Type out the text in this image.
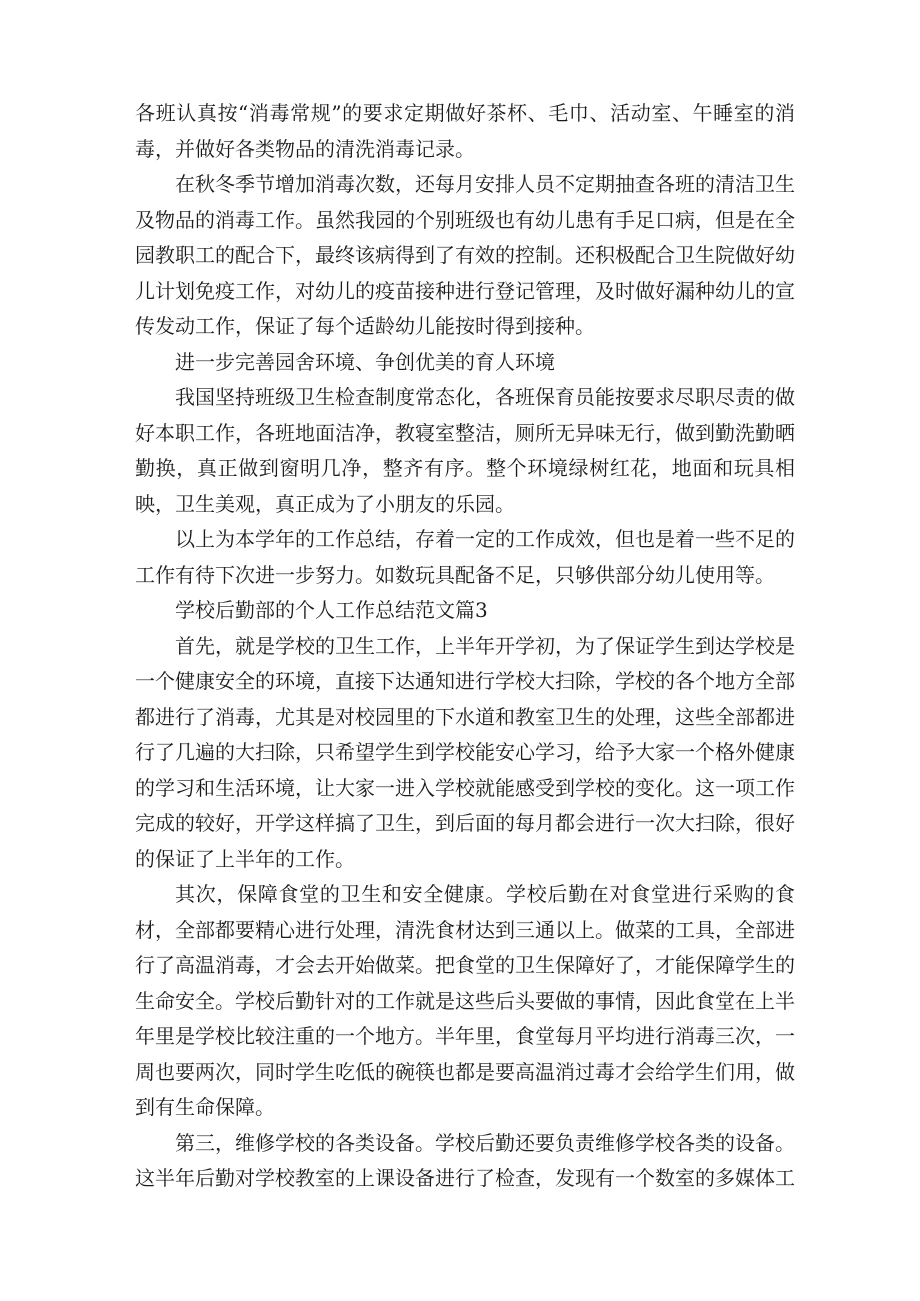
各班认真按“消毒常规”的要求定期做好茶杯、毛巾、活动室、午睡室的消毒，并做好各类物品的清洗消毒记录。

在秋冬季节增加消毒次数，还每月安排人员不定期抽查各班的清洁卫生及物品的消毒工作。虽然我园的个别班级也有幼儿患有手足口病，但是在全园教职工的配合下，最终该病得到了有效的控制。还积极配合卫生院做好幼儿计划免疫工作，对幼儿的疫苗接种进行登记管理，及时做好漏种幼儿的宣传发动工作，保证了每个适龄幼儿能按时得到接种。

进一步完善园舍环境、争创优美的育人环境

我国坚持班级卫生检查制度常态化，各班保育员能按要求尽职尽责的做好本职工作，各班地面洁净，教寝室整洁，厕所无异味无行，做到勤洗勤晒勤换，真正做到窗明几净，整齐有序。整个环境绿树红花，地面和玩具相映，卫生美观，真正成为了小朋友的乐园。

以上为本学年的工作总结，存着一定的工作成效，但也是着一些不足的工作有待下次进一步努力。如数玩具配备不足，只够供部分幼儿使用等。

学校后勤部的个人工作总结范文篇3

首先，就是学校的卫生工作，上半年开学初，为了保证学生到达学校是一个健康安全的环境，直接下达通知进行学校大扫除，学校的各个地方全部都进行了消毒，尤其是对校园里的下水道和教室卫生的处理，这些全部都进行了几遍的大扫除，只希望学生到学校能安心学习，给予大家一个格外健康的学习和生活环境，让大家一进入学校就能感受到学校的变化。这一项工作完成的较好，开学这样搞了卫生，到后面的每月都会进行一次大扫除，很好的保证了上半年的工作。

其次，保障食堂的卫生和安全健康。学校后勤在对食堂进行采购的食材，全部都要精心进行处理，清洗食材达到三通以上。做菜的工具，全部进行了高温消毒，才会去开始做菜。把食堂的卫生保障好了，才能保障学生的生命安全。学校后勤针对的工作就是这些后头要做的事情，因此食堂在上半年里是学校比较注重的一个地方。半年里，食堂每月平均进行消毒三次，一周也要两次，同时学生吃低的碗筷也都是要高温消过毒才会给学生们用，做到有生命保障。

第三，维修学校的各类设备。学校后勤还要负责维修学校各类的设备。这半年后勤对学校教室的上课设备进行了检查，发现有一个数室的多媒体工
